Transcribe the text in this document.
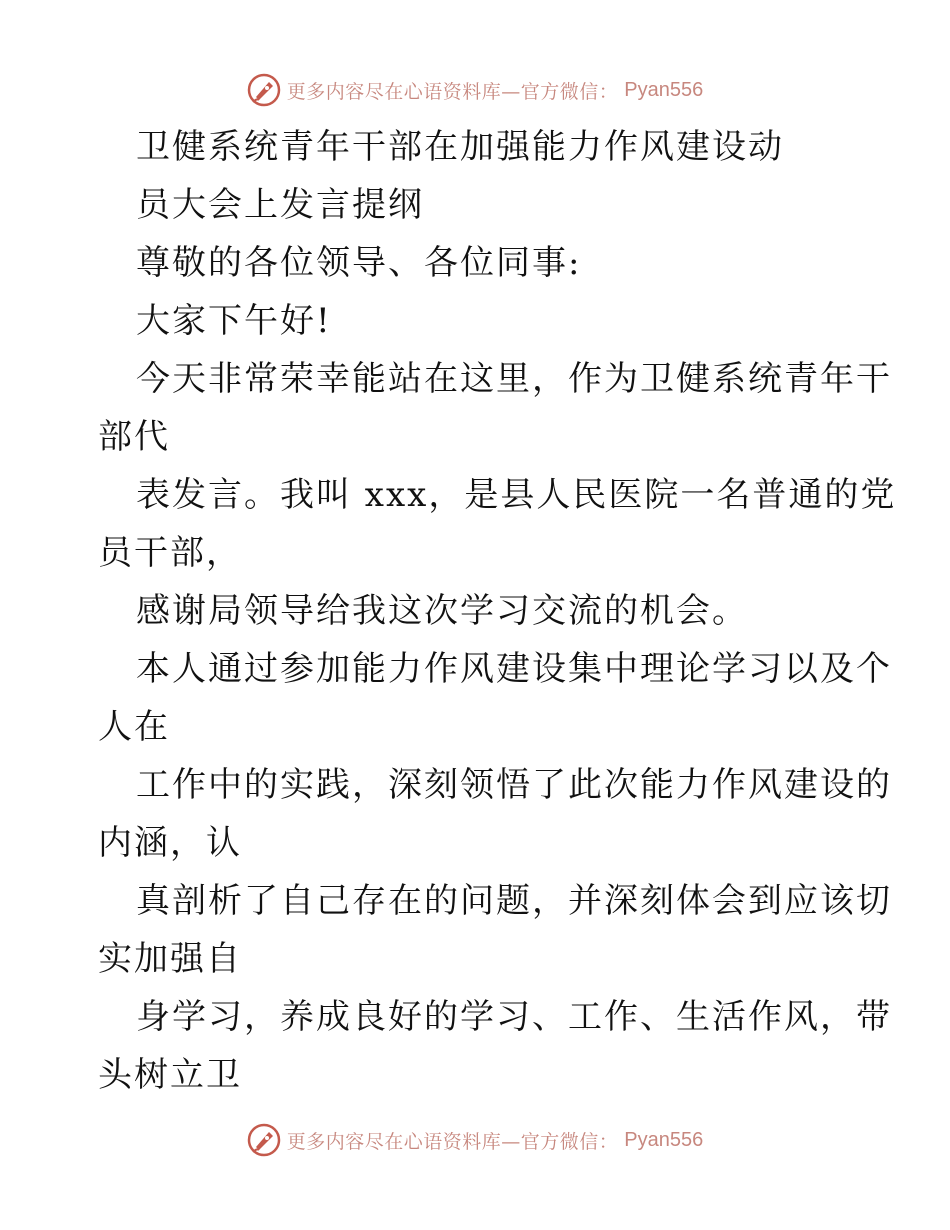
更多内容尽在心语资料库—官方微信： Pyan556
卫健系统青年干部在加强能力作风建设动
员大会上发言提纲
尊敬的各位领导、各位同事:
大家下午好!
今天非常荣幸能站在这里，作为卫健系统青年干
部代
表发言。我叫 xxx，是县人民医院一名普通的党
员干部，
感谢局领导给我这次学习交流的机会。
本人通过参加能力作风建设集中理论学习以及个
人在
工作中的实践，深刻领悟了此次能力作风建设的
内涵，认
真剖析了自己存在的问题，并深刻体会到应该切
实加强自
身学习，养成良好的学习、工作、生活作风，带
头树立卫
更多内容尽在心语资料库—官方微信： Pyan556
